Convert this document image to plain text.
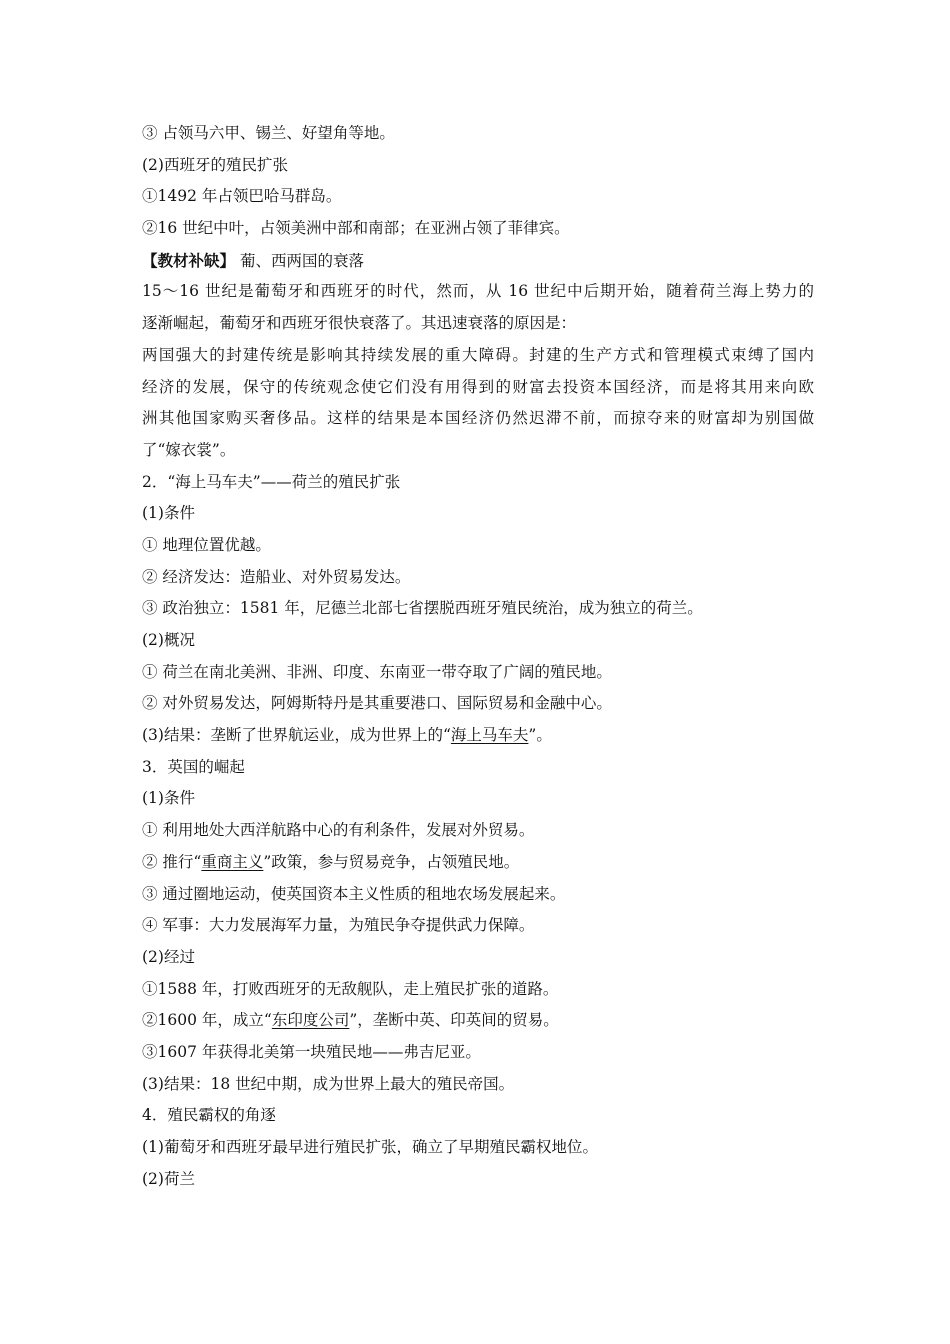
③ 占领马六甲、锡兰、好望角等地。
(2)西班牙的殖民扩张
①1492 年占领巴哈马群岛。
②16 世纪中叶，占领美洲中部和南部；在亚洲占领了菲律宾。
【教材补缺】 葡、西两国的衰落
15～16 世纪是葡萄牙和西班牙的时代，然而，从 16 世纪中后期开始，随着荷兰海上势力的
逐渐崛起，葡萄牙和西班牙很快衰落了。其迅速衰落的原因是：
两国强大的封建传统是影响其持续发展的重大障碍。封建的生产方式和管理模式束缚了国内
经济的发展，保守的传统观念使它们没有用得到的财富去投资本国经济，而是将其用来向欧
洲其他国家购买奢侈品。这样的结果是本国经济仍然迟滞不前，而掠夺来的财富却为别国做
了“嫁衣裳”。
2．“海上马车夫”——荷兰的殖民扩张
(1)条件
① 地理位置优越。
② 经济发达：造船业、对外贸易发达。
③ 政治独立：1581 年，尼德兰北部七省摆脱西班牙殖民统治，成为独立的荷兰。
(2)概况
① 荷兰在南北美洲、非洲、印度、东南亚一带夺取了广阔的殖民地。
② 对外贸易发达，阿姆斯特丹是其重要港口、国际贸易和金融中心。
(3)结果：垄断了世界航运业，成为世界上的“海上马车夫”。
3．英国的崛起
(1)条件
① 利用地处大西洋航路中心的有利条件，发展对外贸易。
② 推行“重商主义”政策，参与贸易竞争，占领殖民地。
③ 通过圈地运动，使英国资本主义性质的租地农场发展起来。
④ 军事：大力发展海军力量，为殖民争夺提供武力保障。
(2)经过
①1588 年，打败西班牙的无敌舰队，走上殖民扩张的道路。
②1600 年，成立“东印度公司”，垄断中英、印英间的贸易。
③1607 年获得北美第一块殖民地——弗吉尼亚。
(3)结果：18 世纪中期，成为世界上最大的殖民帝国。
4．殖民霸权的角逐
(1)葡萄牙和西班牙最早进行殖民扩张，确立了早期殖民霸权地位。
(2)荷兰
